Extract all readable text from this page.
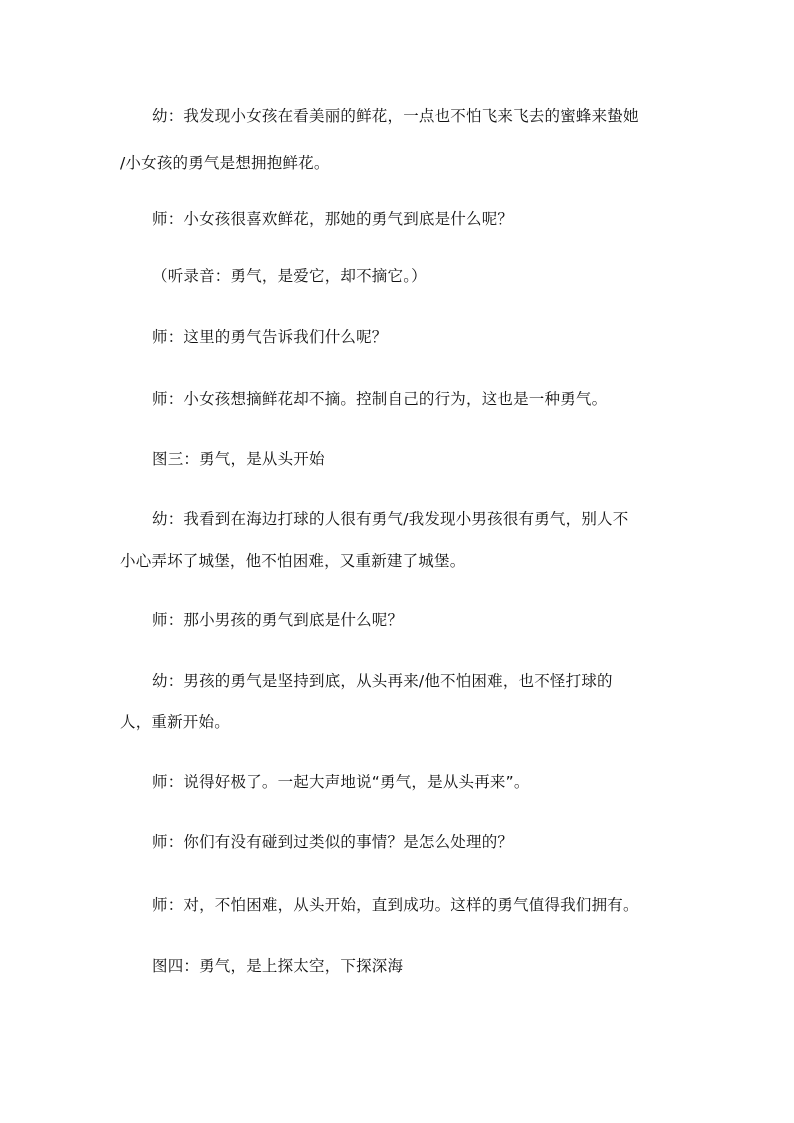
幼：我发现小女孩在看美丽的鲜花，一点也不怕飞来飞去的蜜蜂来蛰她
/小女孩的勇气是想拥抱鲜花。
师：小女孩很喜欢鲜花，那她的勇气到底是什么呢？
（听录音：勇气，是爱它，却不摘它。）
师：这里的勇气告诉我们什么呢？
师：小女孩想摘鲜花却不摘。控制自己的行为，这也是一种勇气。
图三：勇气，是从头开始
幼：我看到在海边打球的人很有勇气/我发现小男孩很有勇气，别人不
小心弄坏了城堡，他不怕困难，又重新建了城堡。
师：那小男孩的勇气到底是什么呢？
幼：男孩的勇气是坚持到底，从头再来/他不怕困难，也不怪打球的
人，重新开始。
师：说得好极了。一起大声地说“勇气，是从头再来”。
师：你们有没有碰到过类似的事情？是怎么处理的？
师：对，不怕困难，从头开始，直到成功。这样的勇气值得我们拥有。
图四：勇气，是上探太空，下探深海
